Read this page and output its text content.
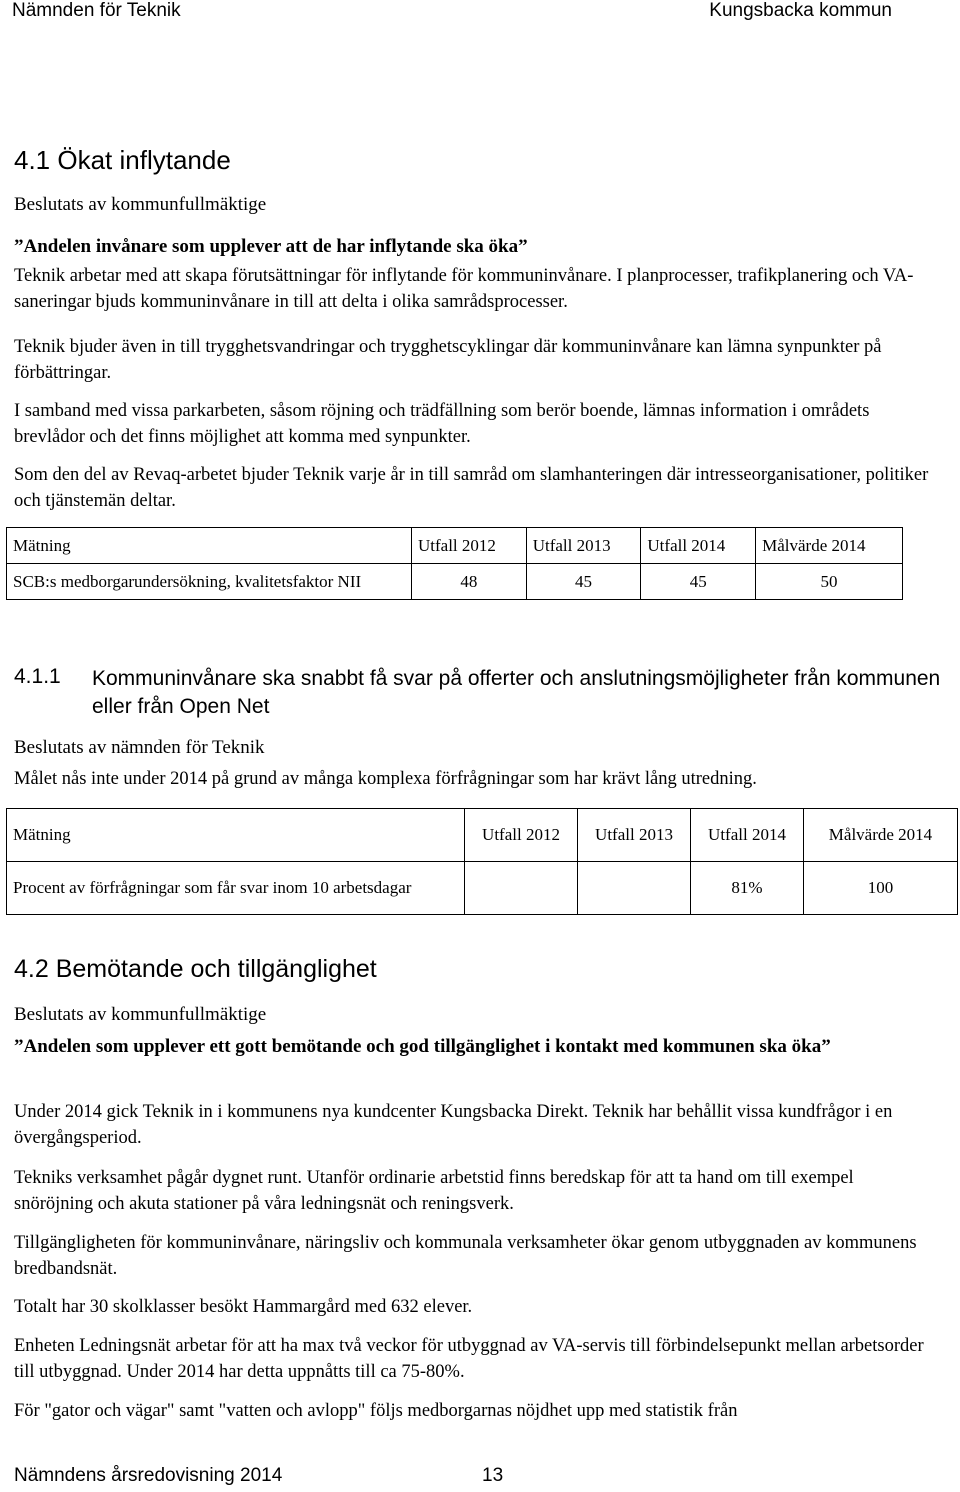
Nämnden för Teknik	Kungsbacka kommun
4.1 Ökat inflytande
Beslutats av kommunfullmäktige
”Andelen invånare som upplever att de har inflytande ska öka”
Teknik arbetar med att skapa förutsättningar för inflytande för kommuninvånare. I planprocesser, trafikplanering och VA-saneringar bjuds kommuninvånare in till att delta i olika samrådsprocesser.
Teknik bjuder även in till trygghetsvandringar och trygghetscyklingar där kommuninvånare kan lämna synpunkter på förbättringar.
I samband med vissa parkarbeten, såsom röjning och trädfällning som berör boende, lämnas information i områdets brevlådor och det finns möjlighet att komma med synpunkter.
Som den del av Revaq-arbetet bjuder Teknik varje år in till samråd om slamhanteringen där intresseorganisationer, politiker och tjänstemän deltar.
Mätning	Utfall 2012	Utfall 2013	Utfall 2014	Målvärde 2014
SCB:s medborgarundersökning, kvalitetsfaktor NII	48	45	45	50
4.1.1 Kommuninvånare ska snabbt få svar på offerter och anslutningsmöjligheter från kommunen eller från Open Net
Beslutats av nämnden för Teknik
Målet nås inte under 2014 på grund av många komplexa förfrågningar som har krävt lång utredning.
Mätning	Utfall 2012	Utfall 2013	Utfall 2014	Målvärde 2014
Procent av förfrågningar som får svar inom 10 arbetsdagar			81%	100
4.2 Bemötande och tillgänglighet
Beslutats av kommunfullmäktige
”Andelen som upplever ett gott bemötande och god tillgänglighet i kontakt med kommunen ska öka”
Under 2014 gick Teknik in i kommunens nya kundcenter Kungsbacka Direkt. Teknik har behållit vissa kundfrågor i en övergångsperiod.
Tekniks verksamhet pågår dygnet runt. Utanför ordinarie arbetstid finns beredskap för att ta hand om till exempel snöröjning och akuta stationer på våra ledningsnät och reningsverk.
Tillgängligheten för kommuninvånare, näringsliv och kommunala verksamheter ökar genom utbyggnaden av kommunens bredbandsnät.
Totalt har 30 skolklasser besökt Hammargård med 632 elever.
Enheten Ledningsnät arbetar för att ha max två veckor för utbyggnad av VA-servis till förbindelsepunkt mellan arbetsorder till utbyggnad. Under 2014 har detta uppnåtts till ca 75-80%.
För "gator och vägar" samt "vatten och avlopp" följs medborgarnas nöjdhet upp med statistik från
Nämndens årsredovisning 2014	13
